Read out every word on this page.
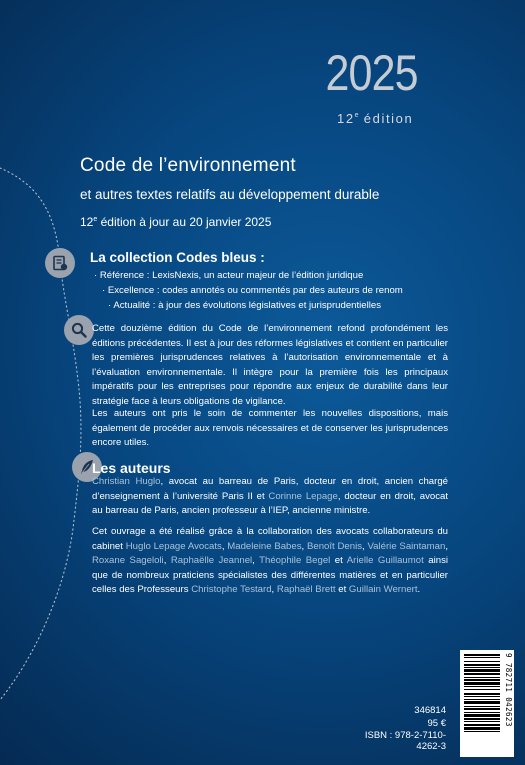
2025
12e édition
Code de l’environnement
et autres textes relatifs au développement durable
12e édition à jour au 20 janvier 2025
La collection Codes bleus :
· Référence : LexisNexis, un acteur majeur de l’édition juridique
· Excellence : codes annotés ou commentés par des auteurs de renom
· Actualité : à jour des évolutions législatives et jurisprudentielles
Cette douzième édition du Code de l’environnement refond profondément les éditions précédentes. Il est à jour des réformes législatives et contient en particulier les premières jurisprudences relatives à l’autorisation environnementale et à l’évaluation environnementale. Il intègre pour la première fois les principaux impératifs pour les entreprises pour répondre aux enjeux de durabilité dans leur stratégie face à leurs obligations de vigilance.
Les auteurs ont pris le soin de commenter les nouvelles dispositions, mais également de procéder aux renvois nécessaires et de conserver les jurisprudences encore utiles.
Les auteurs
Christian Huglo, avocat au barreau de Paris, docteur en droit, ancien chargé d’enseignement à l’université Paris II et Corinne Lepage, docteur en droit, avocat au barreau de Paris, ancien professeur à l’IEP, ancienne ministre.
Cet ouvrage a été réalisé grâce à la collaboration des avocats collaborateurs du cabinet Huglo Lepage Avocats, Madeleine Babes, Benoît Denis, Valérie Saintaman, Roxane Sageloli, Raphaëlle Jeannel, Théophile Begel et Arielle Guillaumot ainsi que de nombreux praticiens spécialistes des différentes matières et en particulier celles des Professeurs Christophe Testard, Raphaël Brett et Guillain Wernert.
346814
95 €
ISBN : 978-2-7110-4262-3
9 782711 042623
